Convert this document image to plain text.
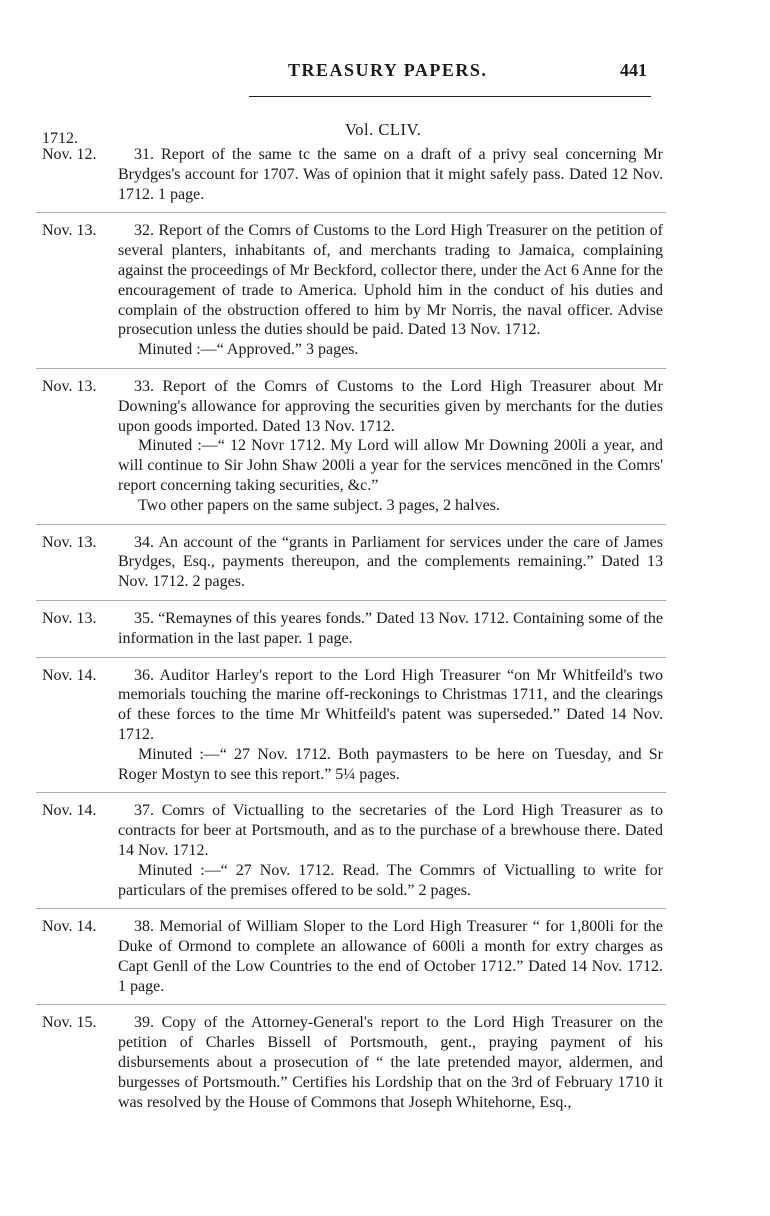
TREASURY PAPERS.	441
Vol. CLIV.
1712.
Nov. 12.	31. Report of the same tc the same on a draft of a privy seal concerning Mr Brydges's account for 1707. Was of opinion that it might safely pass. Dated 12 Nov. 1712. 1 page.
Nov. 13.	32. Report of the Comrs of Customs to the Lord High Treasurer on the petition of several planters, inhabitants of, and merchants trading to Jamaica, complaining against the proceedings of Mr Beckford, collector there, under the Act 6 Anne for the encouragement of trade to America. Uphold him in the conduct of his duties and complain of the obstruction offered to him by Mr Norris, the naval officer. Advise prosecution unless the duties should be paid. Dated 13 Nov. 1712.
Minuted :—“ Approved.” 3 pages.
Nov. 13.	33. Report of the Comrs of Customs to the Lord High Treasurer about Mr Downing's allowance for approving the securities given by merchants for the duties upon goods imported. Dated 13 Nov. 1712.
Minuted :—“ 12 Novr 1712. My Lord will allow Mr Downing 200li a year, and will continue to Sir John Shaw 200li a year for the services mencōned in the Comrs' report concerning taking securities, &c.”
Two other papers on the same subject. 3 pages, 2 halves.
Nov. 13.	34. An account of the “grants in Parliament for services under the care of James Brydges, Esq., payments thereupon, and the complements remaining.” Dated 13 Nov. 1712. 2 pages.
Nov. 13.	35. “Remaynes of this yeares fonds.” Dated 13 Nov. 1712. Containing some of the information in the last paper. 1 page.
Nov. 14.	36. Auditor Harley's report to the Lord High Treasurer “on Mr Whitfeild's two memorials touching the marine off-reckonings to Christmas 1711, and the clearings of these forces to the time Mr Whitfeild's patent was superseded.” Dated 14 Nov. 1712.
Minuted :—“ 27 Nov. 1712. Both paymasters to be here on Tuesday, and Sr Roger Mostyn to see this report.” 5¼ pages.
Nov. 14.	37. Comrs of Victualling to the secretaries of the Lord High Treasurer as to contracts for beer at Portsmouth, and as to the purchase of a brewhouse there. Dated 14 Nov. 1712.
Minuted :—“ 27 Nov. 1712. Read. The Commrs of Victualling to write for particulars of the premises offered to be sold.” 2 pages.
Nov. 14.	38. Memorial of William Sloper to the Lord High Treasurer “ for 1,800li for the Duke of Ormond to complete an allowance of 600li a month for extry charges as Capt Genll of the Low Countries to the end of October 1712.” Dated 14 Nov. 1712. 1 page.
Nov. 15.	39. Copy of the Attorney-General's report to the Lord High Treasurer on the petition of Charles Bissell of Portsmouth, gent., praying payment of his disbursements about a prosecution of “ the late pretended mayor, aldermen, and burgesses of Portsmouth.” Certifies his Lordship that on the 3rd of February 1710 it was resolved by the House of Commons that Joseph Whitehorne, Esq.,
